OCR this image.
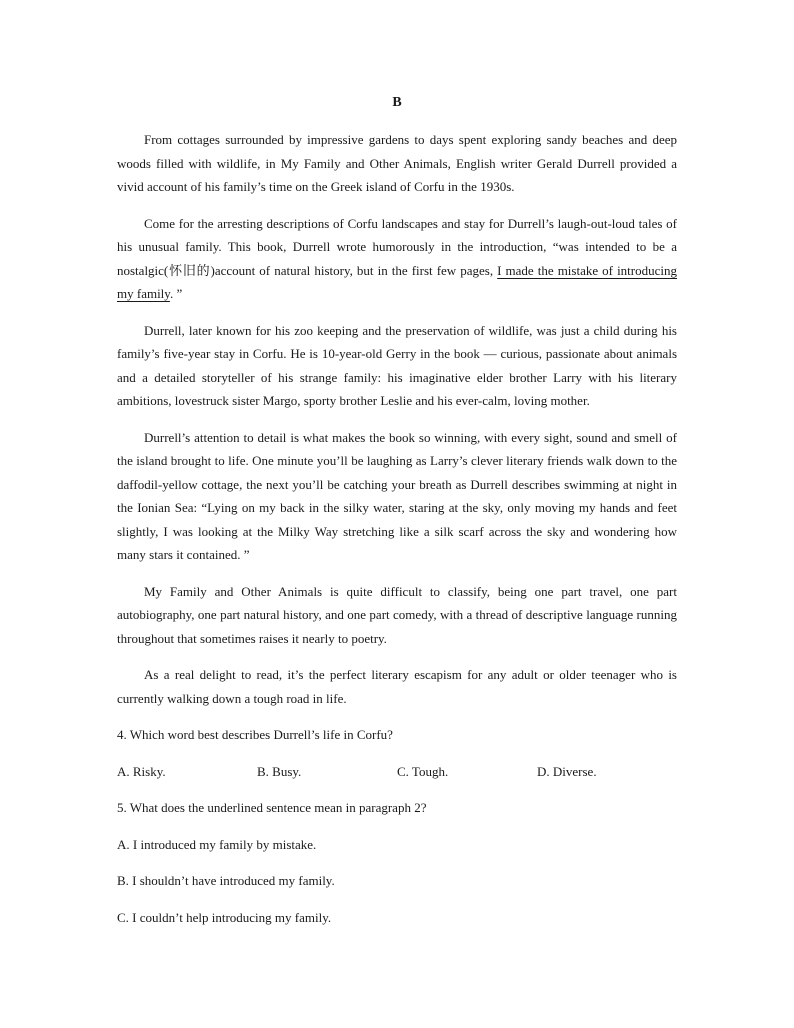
B

From cottages surrounded by impressive gardens to days spent exploring sandy beaches and deep woods filled with wildlife, in My Family and Other Animals, English writer Gerald Durrell provided a vivid account of his family’s time on the Greek island of Corfu in the 1930s.

Come for the arresting descriptions of Corfu landscapes and stay for Durrell’s laugh-out-loud tales of his unusual family. This book, Durrell wrote humorously in the introduction, “was intended to be a nostalgic(怀旧的)account of natural history, but in the first few pages, I made the mistake of introducing my family. ”

Durrell, later known for his zoo keeping and the preservation of wildlife, was just a child during his family’s five-year stay in Corfu. He is 10-year-old Gerry in the book — curious, passionate about animals and a detailed storyteller of his strange family: his imaginative elder brother Larry with his literary ambitions, lovestruck sister Margo, sporty brother Leslie and his ever-calm, loving mother.

Durrell’s attention to detail is what makes the book so winning, with every sight, sound and smell of the island brought to life. One minute you’ll be laughing as Larry’s clever literary friends walk down to the daffodil-yellow cottage, the next you’ll be catching your breath as Durrell describes swimming at night in the Ionian Sea: “Lying on my back in the silky water, staring at the sky, only moving my hands and feet slightly, I was looking at the Milky Way stretching like a silk scarf across the sky and wondering how many stars it contained. ”

My Family and Other Animals is quite difficult to classify, being one part travel, one part autobiography, one part natural history, and one part comedy, with a thread of descriptive language running throughout that sometimes raises it nearly to poetry.

As a real delight to read, it’s the perfect literary escapism for any adult or older teenager who is currently walking down a tough road in life.

4. Which word best describes Durrell’s life in Corfu?
A. Risky.	B. Busy.	C. Tough.	D. Diverse.
5. What does the underlined sentence mean in paragraph 2?
A. I introduced my family by mistake.
B. I shouldn’t have introduced my family.
C. I couldn’t help introducing my family.
